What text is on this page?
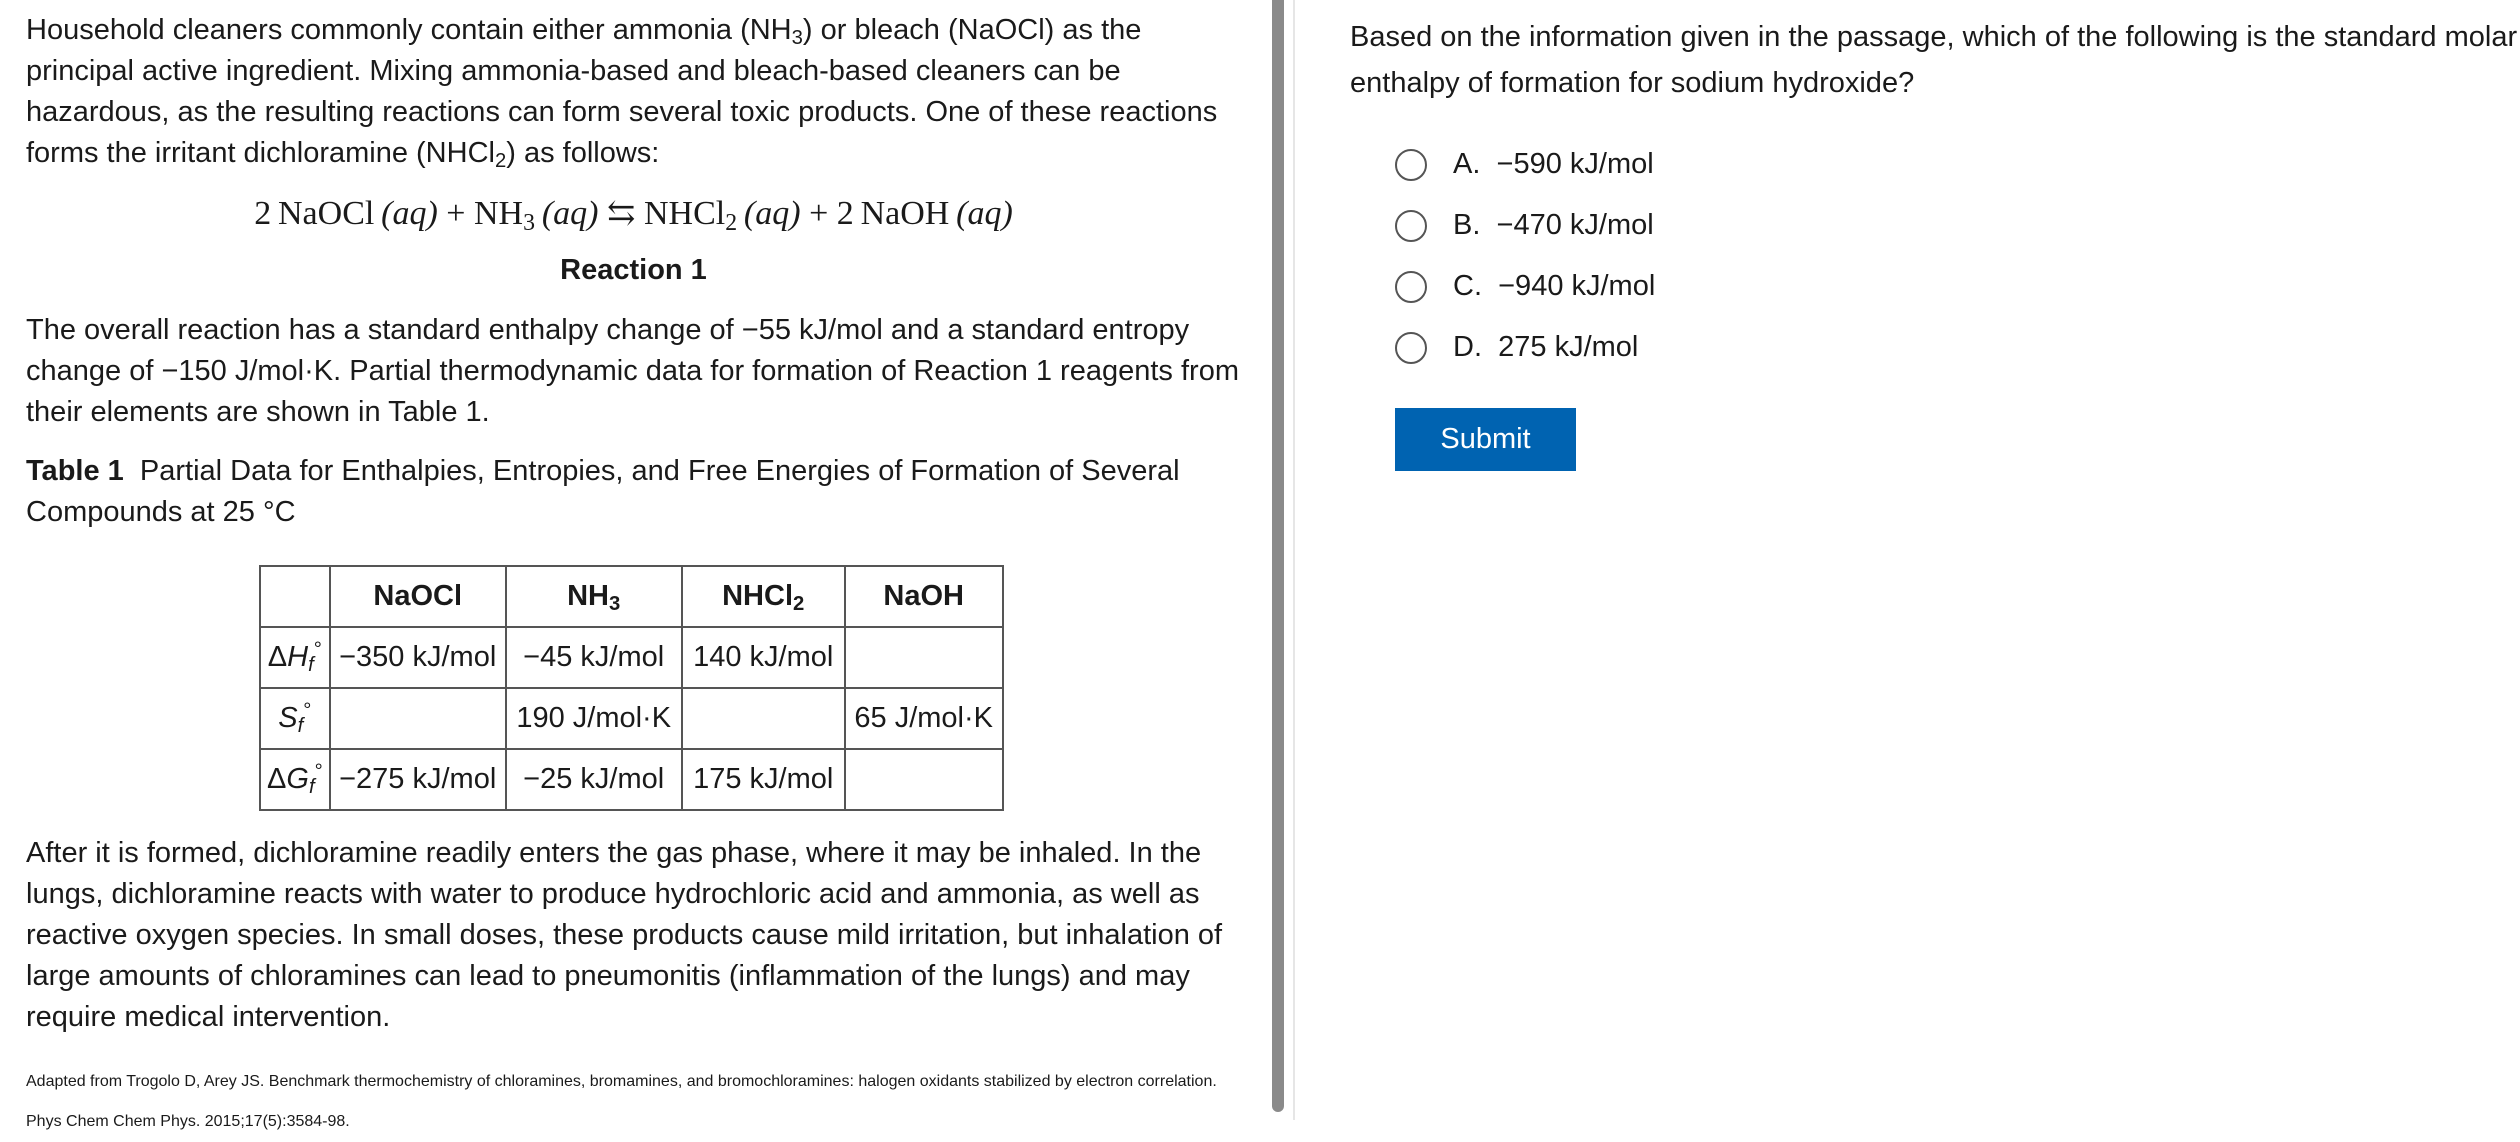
Household cleaners commonly contain either ammonia $(NH_3)$ or bleach (NaOCl) as the principal active ingredient. Mixing ammonia-based and bleach-based cleaners can be hazardous, as the resulting reactions can form several toxic products. One of these reactions forms the irritant dichloramine (NHCl$_2$) as follows:

2  NaOCl  $(aq) + NH_3$  (aq) ⇆ NHCl$_2$  (aq) + 2  NaOH  (aq)
Reaction 1

The overall reaction has a standard enthalpy change of −55 kJ/mol and a standard entropy change of −150 J/mol·K. Partial thermodynamic data for formation of Reaction 1 reagents from their elements are shown in Table 1.

Table 1 Partial Data for Enthalpies, Entropies, and Free Energies of Formation of Several Compounds at 25 °C

	NaOCl	$NH_3$	NHCl$_2$	NaOH
$\Delta H_f^\circ$	−350 kJ/mol	−45 kJ/mol	140 kJ/mol	
$S_f^\circ$		190 J/mol·K		65 J/mol·K
$\Delta G_f^\circ$	−275 kJ/mol	−25 kJ/mol	175 kJ/mol	

After it is formed, dichloramine readily enters the gas phase, where it may be inhaled. In the lungs, dichloramine reacts with water to produce hydrochloric acid and ammonia, as well as reactive oxygen species. In small doses, these products cause mild irritation, but inhalation of large amounts of chloramines can lead to pneumonitis (inflammation of the lungs) and may require medical intervention.

Adapted from Trogolo D, Arey JS. Benchmark thermochemistry of chloramines, bromamines, and bromochloramines: halogen oxidants stabilized by electron correlation. Phys Chem Chem Phys. 2015;17(5):3584-98.

Based on the information given in the passage, which of the following is the standard molar
enthalpy of formation for sodium hydroxide?

A. −590 kJ/mol
B. −470 kJ/mol
C. −940 kJ/mol
D. 275 kJ/mol
Submit
